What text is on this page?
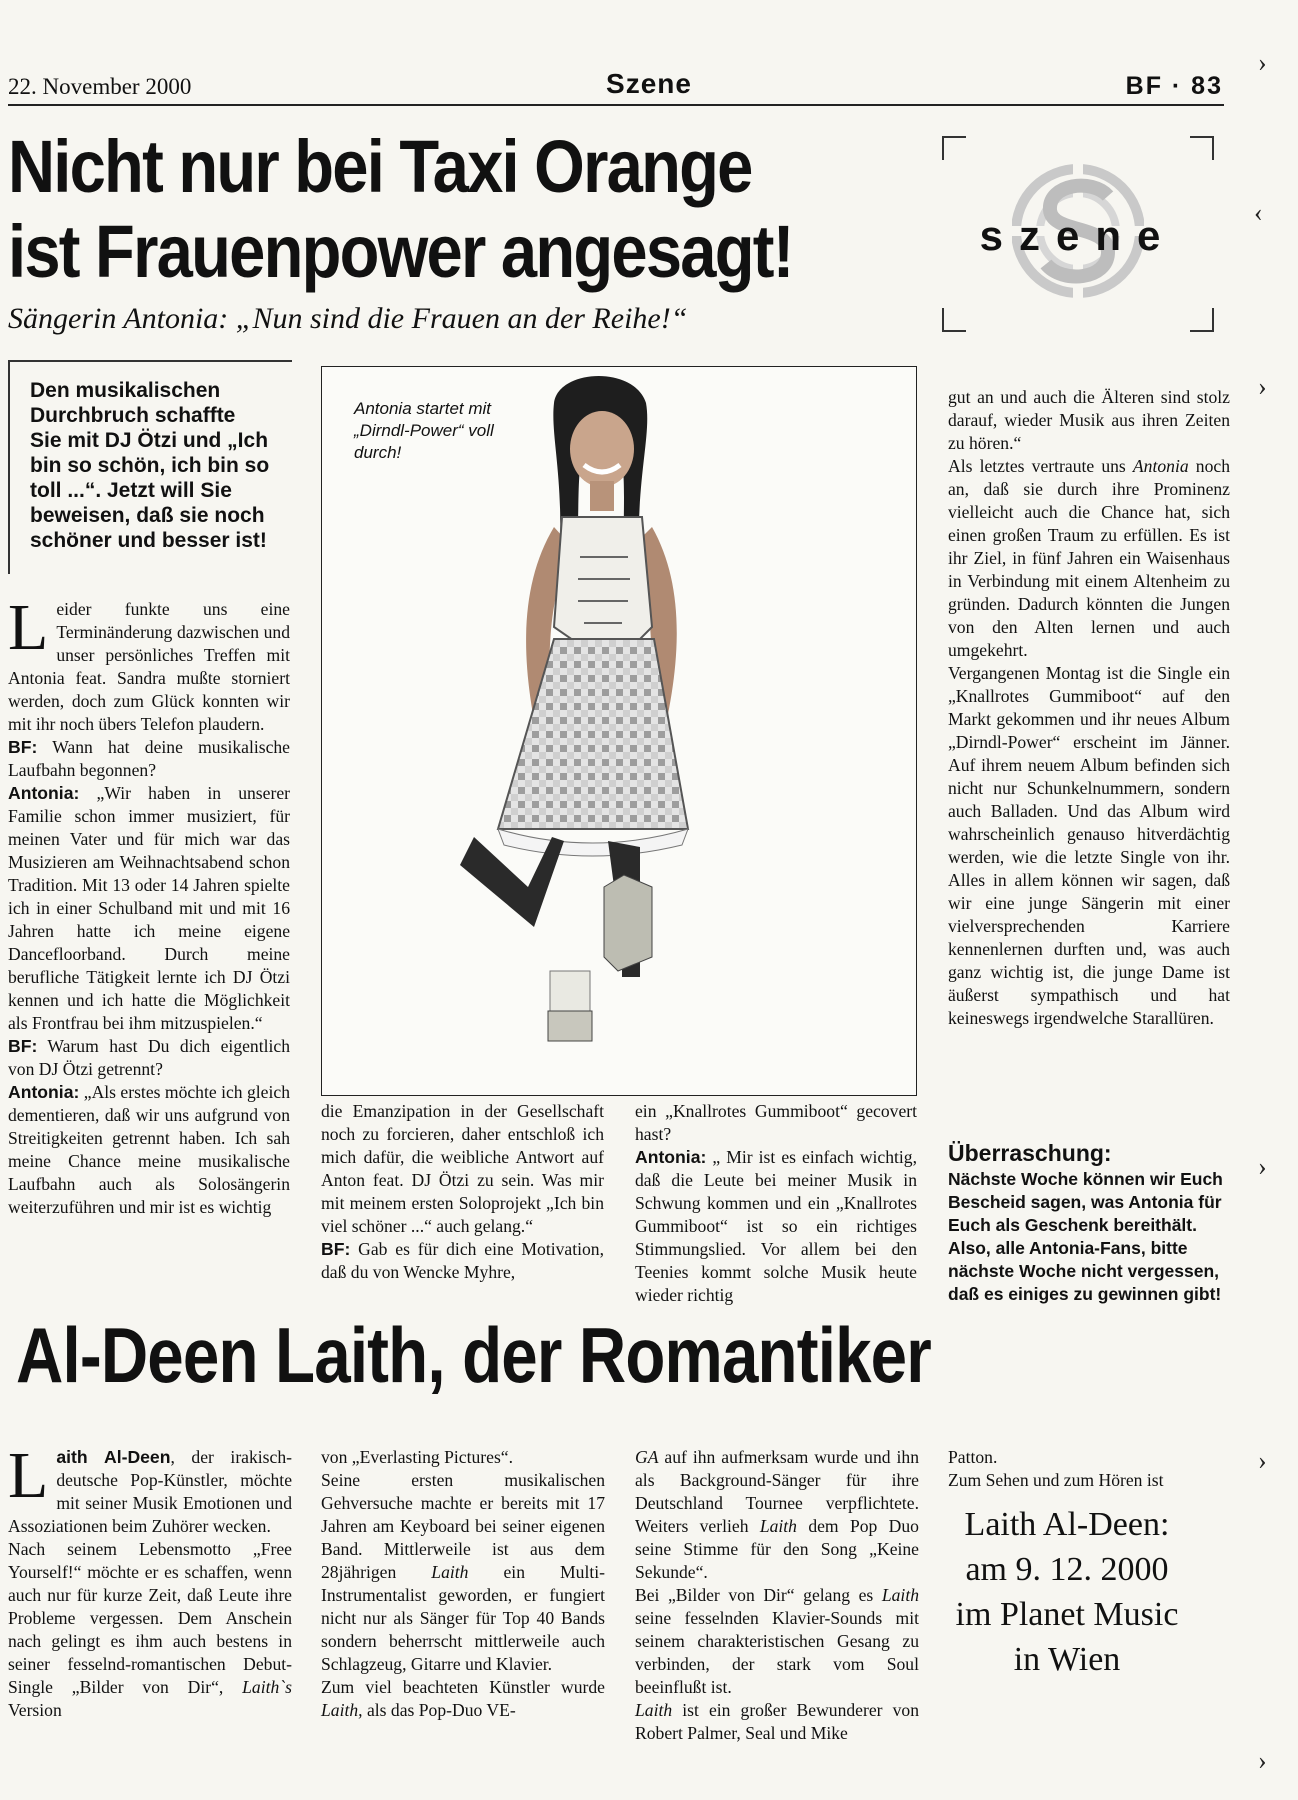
22. November 2000	Szene	BF · 83
Nicht nur bei Taxi Orange ist Frauenpower angesagt!
Sängerin Antonia: „Nun sind die Frauen an der Reihe!“
szene
Den musikalischen Durchbruch schaffte Sie mit DJ Ötzi und „Ich bin so schön, ich bin so toll ...“. Jetzt will Sie beweisen, daß sie noch schöner und besser ist!

Leider funkte uns eine Terminänderung dazwischen und unser persönliches Treffen mit Antonia feat. Sandra mußte storniert werden, doch zum Glück konnten wir mit ihr noch übers Telefon plaudern.

BF: Wann hat deine musikalische Laufbahn begonnen?

Antonia: „Wir haben in unserer Familie schon immer musiziert, für meinen Vater und für mich war das Musizieren am Weihnachtsabend schon Tradition. Mit 13 oder 14 Jahren spielte ich in einer Schulband mit und mit 16 Jahren hatte ich meine eigene Dancefloorband. Durch meine berufliche Tätigkeit lernte ich DJ Ötzi kennen und ich hatte die Möglichkeit als Frontfrau bei ihm mitzuspielen.“

BF: Warum hast Du dich eigentlich von DJ Ötzi getrennt?

Antonia: „Als erstes möchte ich gleich dementieren, daß wir uns aufgrund von Streitigkeiten getrennt haben. Ich sah meine Chance meine musikalische Laufbahn auch als Solosängerin weiterzuführen und mir ist es wichtig

Antonia startet mit „Dirndl-Power“ voll durch!

die Emanzipation in der Gesellschaft noch zu forcieren, daher entschloß ich mich dafür, die weibliche Antwort auf Anton feat. DJ Ötzi zu sein. Was mir mit meinem ersten Soloprojekt „Ich bin viel schöner ...“ auch gelang.“

BF: Gab es für dich eine Motivation, daß du von Wencke Myhre,

ein „Knallrotes Gummiboot“ gecovert hast?

Antonia: „ Mir ist es einfach wichtig, daß die Leute bei meiner Musik in Schwung kommen und ein „Knallrotes Gummiboot“ ist so ein richtiges Stimmungslied. Vor allem bei den Teenies kommt solche Musik heute wieder richtig

gut an und auch die Älteren sind stolz darauf, wieder Musik aus ihren Zeiten zu hören.“

Als letztes vertraute uns Antonia noch an, daß sie durch ihre Prominenz vielleicht auch die Chance hat, sich einen großen Traum zu erfüllen. Es ist ihr Ziel, in fünf Jahren ein Waisenhaus in Verbindung mit einem Altenheim zu gründen. Dadurch könnten die Jungen von den Alten lernen und auch umgekehrt.

Vergangenen Montag ist die Single ein „Knallrotes Gummiboot“ auf den Markt gekommen und ihr neues Album „Dirndl-Power“ erscheint im Jänner. Auf ihrem neuem Album befinden sich nicht nur Schunkelnummern, sondern auch Balladen. Und das Album wird wahrscheinlich genauso hitverdächtig werden, wie die letzte Single von ihr. Alles in allem können wir sagen, daß wir eine junge Sängerin mit einer vielversprechenden Karriere kennenlernen durften und, was auch ganz wichtig ist, die junge Dame ist äußerst sympathisch und hat keineswegs irgendwelche Starallüren.

Überraschung:
Nächste Woche können wir Euch Bescheid sagen, was Antonia für Euch als Geschenk bereithält. Also, alle Antonia-Fans, bitte nächste Woche nicht vergessen, daß es einiges zu gewinnen gibt!
Al-Deen Laith, der Romantiker

Laith Al-Deen, der irakisch-deutsche Pop-Künstler, möchte mit seiner Musik Emotionen und Assoziationen beim Zuhörer wecken.

Nach seinem Lebensmotto „Free Yourself!“ möchte er es schaffen, wenn auch nur für kurze Zeit, daß Leute ihre Probleme vergessen. Dem Anschein nach gelingt es ihm auch bestens in seiner fesselnd-romantischen Debut-Single „Bilder von Dir“, Laith`s Version

von „Everlasting Pictures“.

Seine ersten musikalischen Gehversuche machte er bereits mit 17 Jahren am Keyboard bei seiner eigenen Band. Mittlerweile ist aus dem 28jährigen Laith ein Multi-Instrumentalist geworden, er fungiert nicht nur als Sänger für Top 40 Bands sondern beherrscht mittlerweile auch Schlagzeug, Gitarre und Klavier.

Zum viel beachteten Künstler wurde Laith, als das Pop-Duo VE-

GA auf ihn aufmerksam wurde und ihn als Background-Sänger für ihre Deutschland Tournee verpflichtete. Weiters verlieh Laith dem Pop Duo seine Stimme für den Song „Keine Sekunde“.

Bei „Bilder von Dir“ gelang es Laith seine fesselnden Klavier-Sounds mit seinem charakteristischen Gesang zu verbinden, der stark vom Soul beeinflußt ist.

Laith ist ein großer Bewunderer von Robert Palmer, Seal und Mike

Patton.

Zum Sehen und zum Hören ist

Laith Al-Deen:
am 9. 12. 2000
im Planet Music
in Wien
›
‹
›
›
›
›
